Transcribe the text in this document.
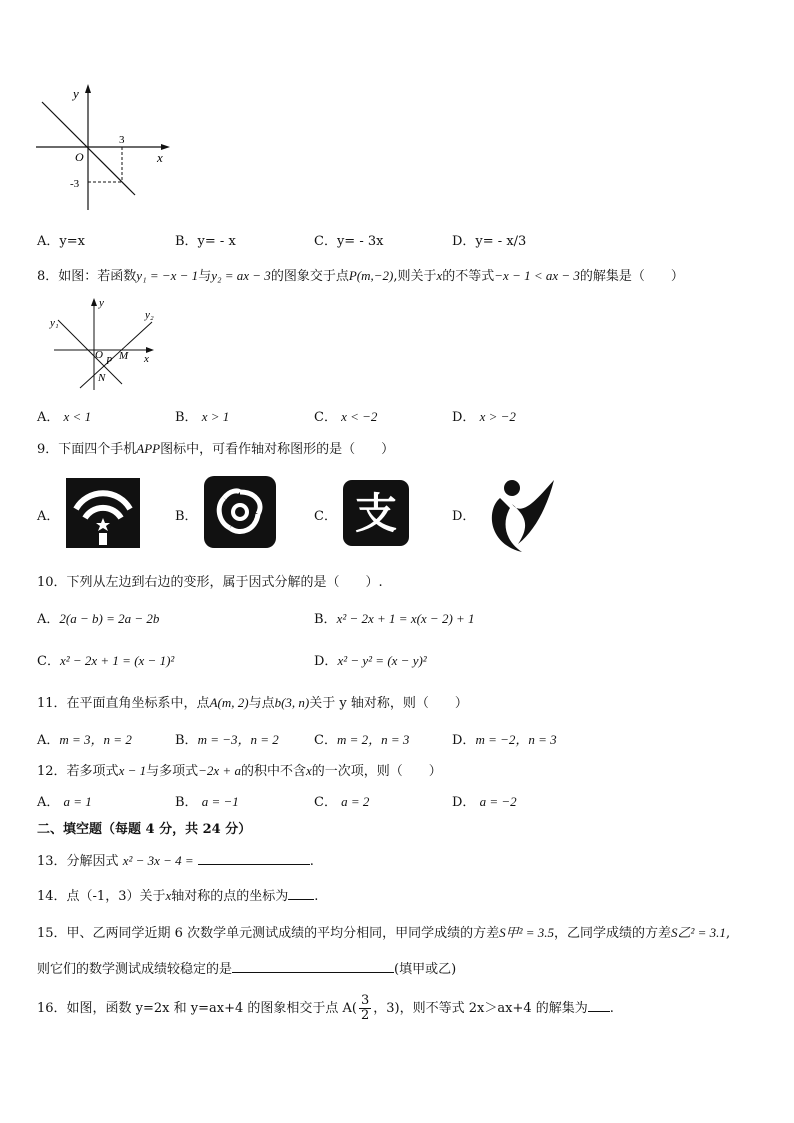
y
x
O
3
-3
A．y=x	B．y= - x	C．y= - 3x	D．y= - x/3
8．如图：若函数y₁ = −x − 1与y₂ = ax − 3的图象交于点P(m,−2),则关于x的不等式−x − 1 < ax − 3的解集是（　　）
y
x
y₁
y₂
O
P M
N
A． x < 1	B． x > 1	C． x < −2	D． x > −2
9．下面四个手机APP图标中，可看作轴对称图形的是（　　）
A．	B．	C． 支	D．
10．下列从左边到右边的变形，属于因式分解的是（　　）.
A．2(a − b) = 2a − 2b	B．x² − 2x + 1 = x(x − 2) + 1
C．x² − 2x + 1 = (x − 1)²	D．x² − y² = (x − y)²
11．在平面直角坐标系中，点A(m, 2)与点b(3, n)关于 y 轴对称，则（　　）
A．m = 3，n = 2	B．m = −3，n = 2	C．m = 2，n = 3	D．m = −2，n = 3
12．若多项式x − 1与多项式−2x + a的积中不含x的一次项，则（　　）
A． a = 1	B． a = −1	C． a = 2	D． a = −2
二、填空题（每题 4 分，共 24 分）
13．分解因式 x² − 3x − 4 =	.
14．点（-1，3）关于x轴对称的点的坐标为 .
15．甲、乙两同学近期 6 次数学单元测试成绩的平均分相同，甲同学成绩的方差S甲² = 3.5，乙同学成绩的方差S乙² = 3.1,
则它们的数学测试成绩较稳定的是	(填甲或乙)
16．如图，函数 y=2x 和 y=ax+4 的图象相交于点 $A( \frac{3}{2}$ ，3)，则不等式 2x＞ax+4 的解集为 .
